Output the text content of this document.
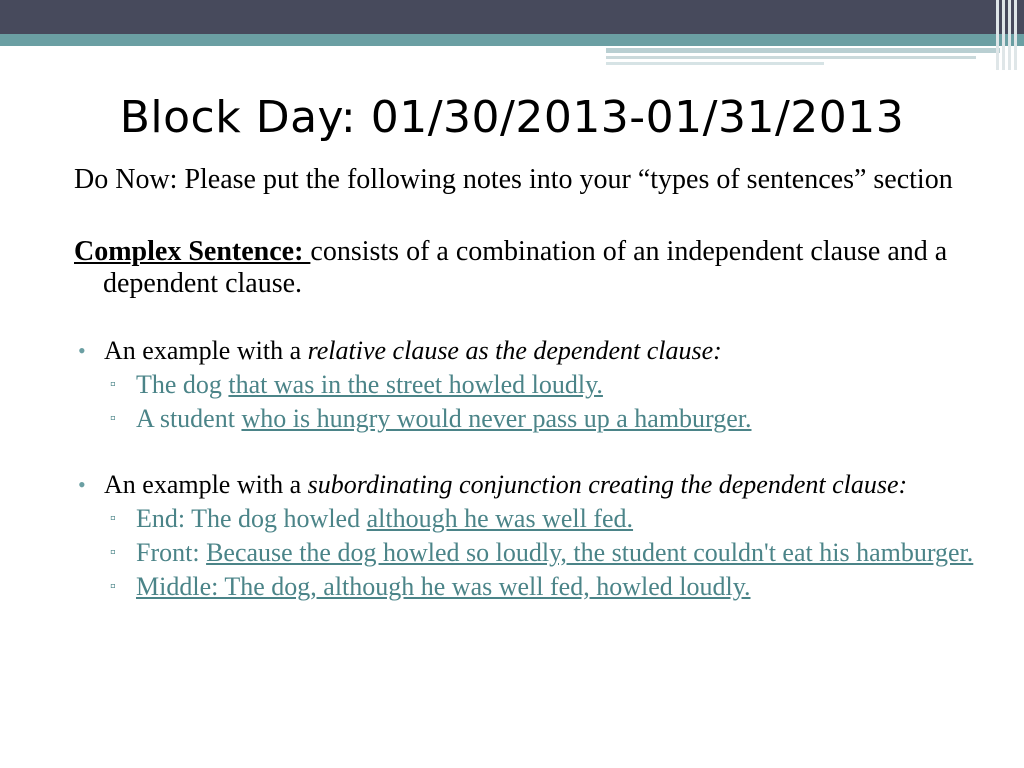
Block Day: 01/30/2013-01/31/2013

Do Now: Please put the following notes into your “types of sentences” section

Complex Sentence: consists of a combination of an independent clause and a dependent clause.

• An example with a relative clause as the dependent clause:

▫ The dog that was in the street howled loudly.

▫ A student who is hungry would never pass up a hamburger.

• An example with a subordinating conjunction creating the dependent clause:

▫ End: The dog howled although he was well fed.

▫ Front: Because the dog howled so loudly, the student couldn't eat his hamburger.

▫ Middle: The dog, although he was well fed, howled loudly.
